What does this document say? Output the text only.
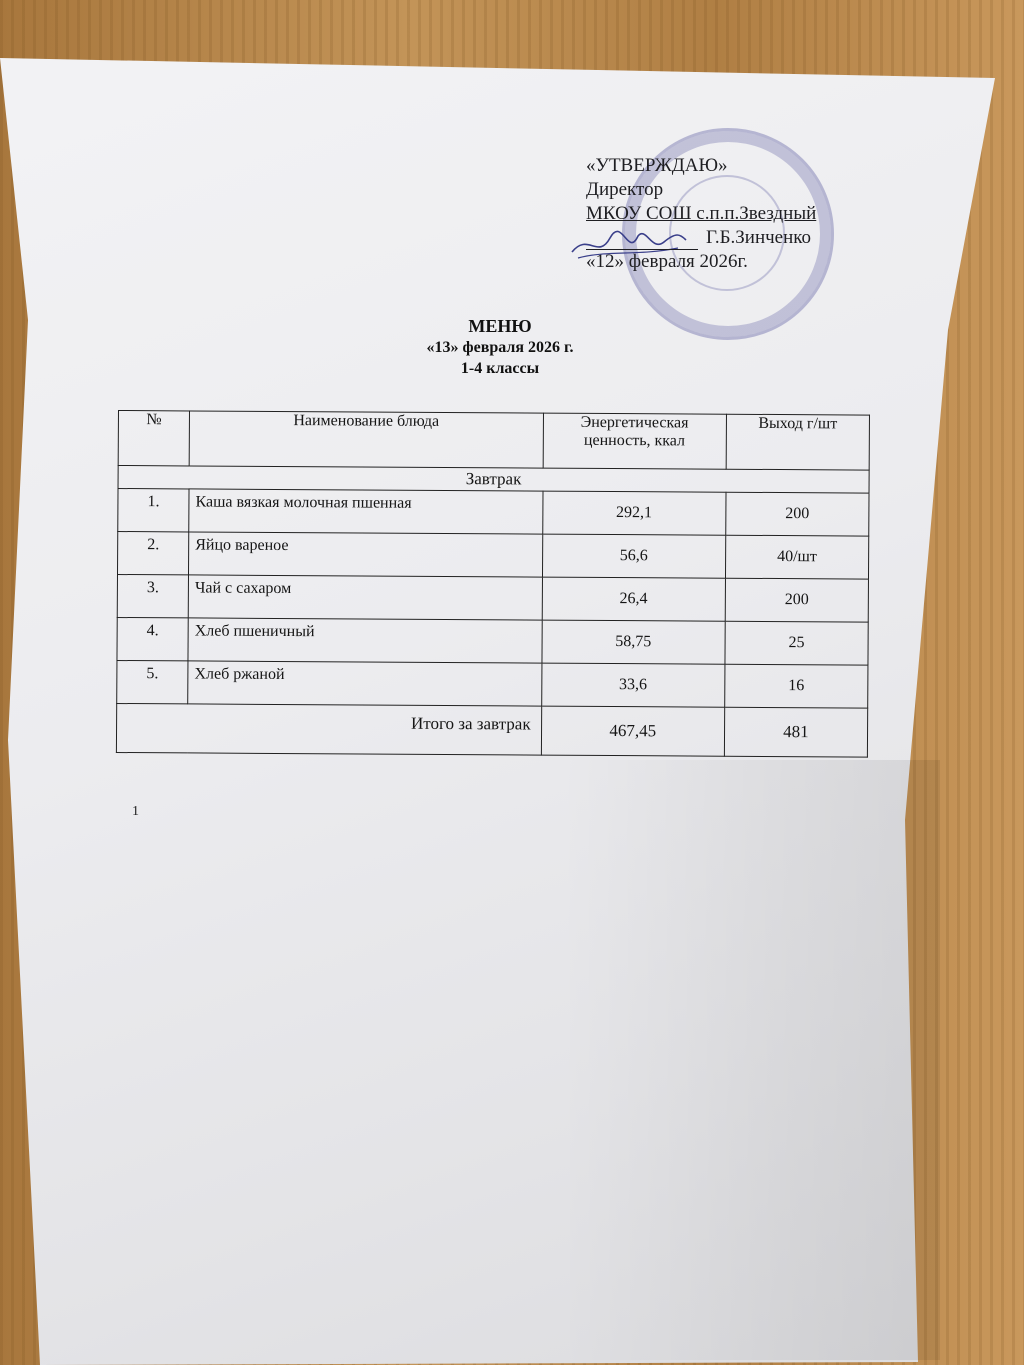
«УТВЕРЖДАЮ»
Директор
МКОУ СОШ с.п.п.Звездный
Г.Б.Зинченко
«12» февраля 2026г.
МЕНЮ
«13» февраля 2026 г.
1-4 классы
№	Наименование блюда	Энергетическая ценность, ккал	Выход г/шт
Завтрак			
1.	Каша вязкая молочная пшенная	292,1	200
2.	Яйцо вареное	56,6	40/шт
3.	Чай с сахаром	26,4	200
4.	Хлеб пшеничный	58,75	25
5.	Хлеб ржаной	33,6	16
Итого за завтрак		467,45	481
1
